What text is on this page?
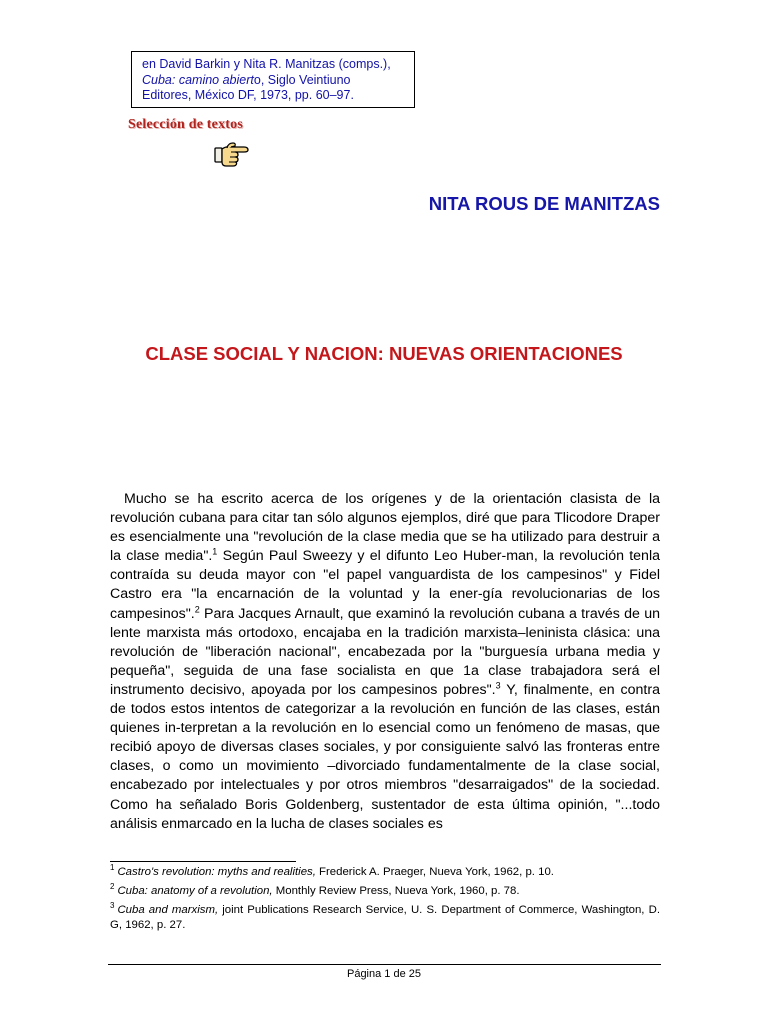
en David Barkin y Nita R. Manitzas (comps.),
Cuba: camino abierto, Siglo Veintiuno
Editores, México DF, 1973, pp. 60–97.
Selección de textos
NITA ROUS DE MANITZAS
CLASE SOCIAL Y NACION: NUEVAS ORIENTACIONES

Mucho se ha escrito acerca de los orígenes y de la orientación clasista de la revolución cubana para citar tan sólo algunos ejemplos, diré que para Tlicodore Draper es esencialmente una "revolución de la clase media que se ha utilizado para destruir a la clase media".$^1$ Según Paul Sweezy y el difunto Leo Huber-man, la revolución tenla contraída su deuda mayor con "el papel vanguardista de los campesinos" y Fidel Castro era "la encarnación de la voluntad y la ener-gía revolucionarias de los campesinos".$^2$ Para Jacques Arnault, que examinó la revolución cubana a través de un lente marxista más ortodoxo, encajaba en la tradición marxista–leninista clásica: una revolución de "liberación nacional", encabezada por la "burguesía urbana media y pequeña", seguida de una fase socialista en que 1a clase trabajadora será el instrumento decisivo, apoyada por los campesinos pobres".$^3$ Y, finalmente, en contra de todos estos intentos de categorizar a la revolución en función de las clases, están quienes in-terpretan a la revolución en lo esencial como un fenómeno de masas, que recibió apoyo de diversas clases sociales, y por consiguiente salvó las fronteras entre clases, o como un movimiento –divorciado fundamentalmente de la clase social, encabezado por intelectuales y por otros miembros "desarraigados" de la sociedad. Como ha señalado Boris Goldenberg, sustentador de esta última opinión, "...todo análisis enmarcado en la lucha de clases sociales es

$^1$ Castro's revolution: myths and realities, Frederick A. Praeger, Nueva York, 1962, p. 10.

$^2$ Cuba: anatomy of a revolution, Monthly Review Press, Nueva York, 1960, p. 78.

$^3$ Cuba and marxism, joint Publications Research Service, U. S. Department of Commerce, Washington, D. G, 1962, p. 27.

Página 1 de 25
